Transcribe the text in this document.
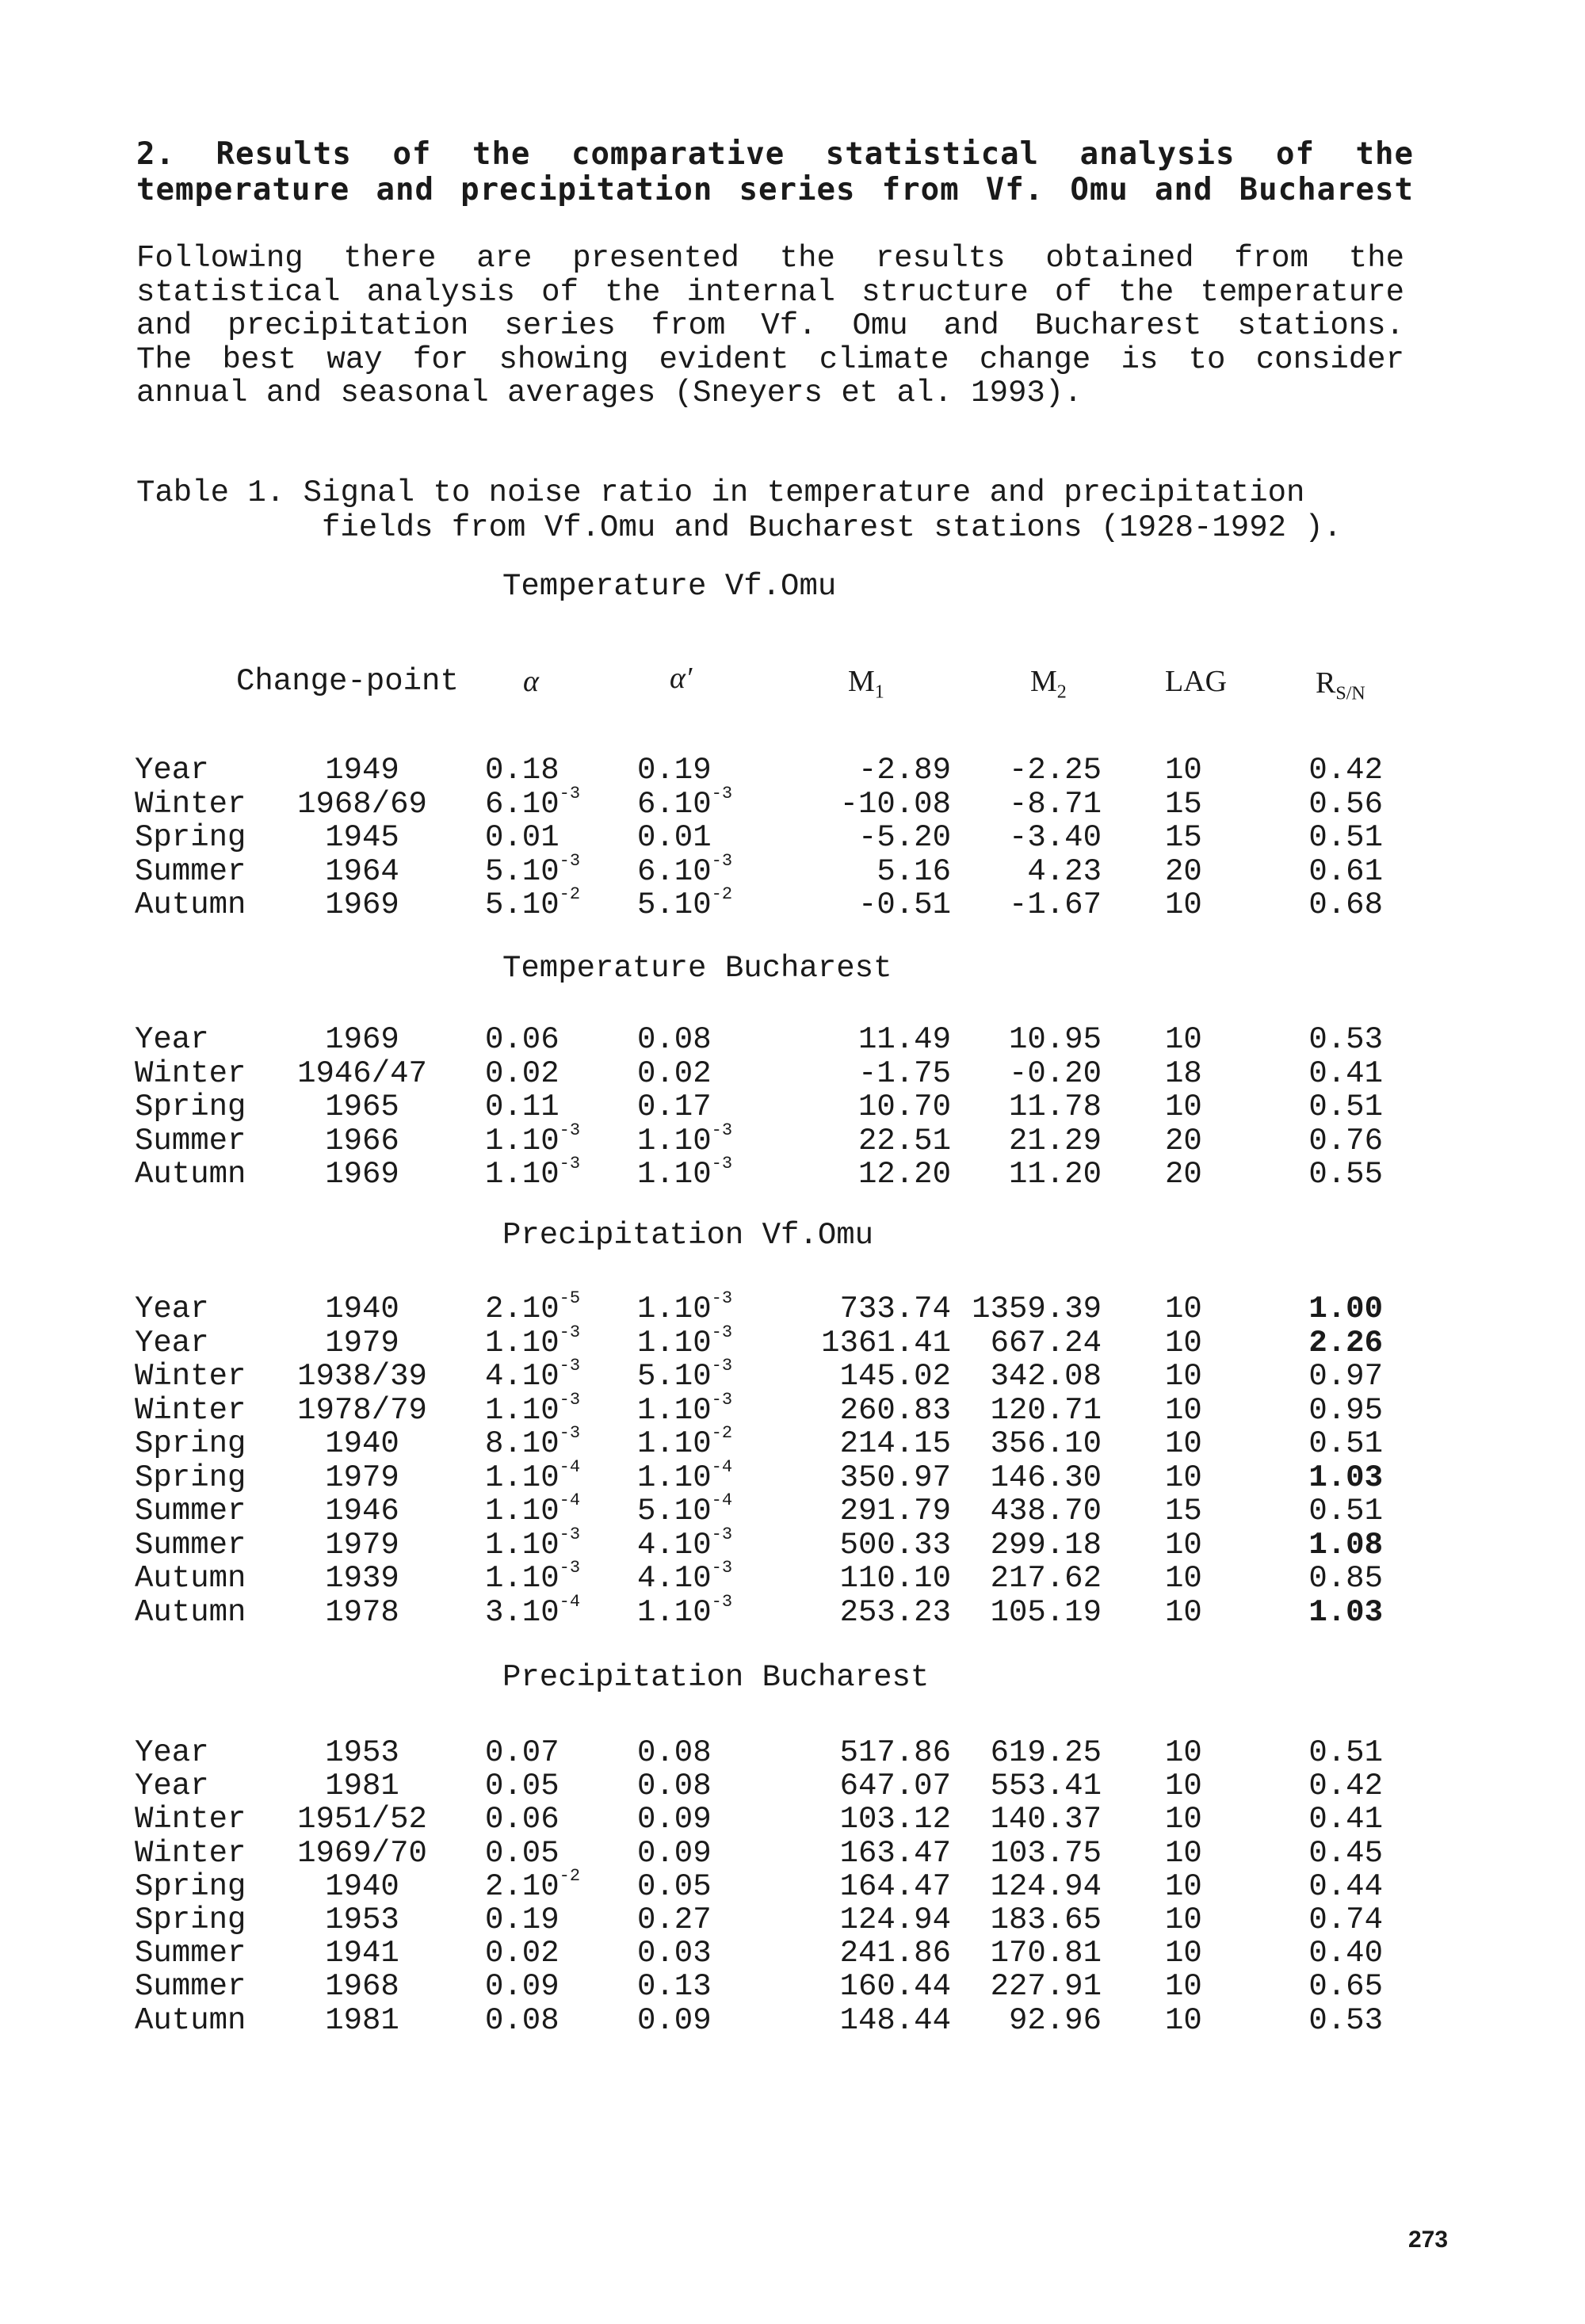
2. Results of the comparative statistical analysis of the
temperature and precipitation series from Vf. Omu and Bucharest
Following there are presented the results obtained from the
statistical analysis of the internal structure of the temperature
and precipitation series from Vf. Omu and Bucharest stations.
The best way for showing evident climate change is to consider
annual and seasonal averages (Sneyers et al. 1993).
Table 1. Signal to noise ratio in temperature and precipitation
fields from Vf.Omu and Bucharest stations (1928-1992 ).
Change-point α	α′	$M_1$	$M_2$	LAG	$R_{S/N}$
Temperature Vf.Omu
Year	1949	0.18	0.19	-2.89	-2.25 10	0.42
Winter	1968/69	$6.10^{-3}$ $6.10^{-3}$	-10.08	-8.71 15	0.56
Spring	1945	0.01	0.01	-5.20	-3.40 15	0.51
Summer	1964	$5.10^{-3}$ $6.10^{-3}$	5.16	4.23 20	0.61
Autumn	1969	$5.10^{-2}$ $5.10^{-2}$	-0.51	-1.67 10	0.68
Temperature Bucharest
Year	1969	0.06	0.08	11.49	10.95 10	0.53
Winter	1946/47	0.02	0.02	-1.75	-0.20 18	0.41
Spring	1965	0.11	0.17	10.70	11.78 10	0.51
Summer	1966	$1.10^{-3}$ $1.10^{-3}$	22.51	21.29 20	0.76
Autumn	1969	$1.10^{-3}$ $1.10^{-3}$	12.20	11.20 20	0.55
Precipitation Vf.Omu
Year	1940	$2.10^{-5}$ $1.10^{-3}$	733.74 1359.39 10	1.00
Year	1979	$1.10^{-3}$ $1.10^{-3}$	1361.41	667.24 10	2.26
Winter	1938/39	$4.10^{-3}$ $5.10^{-3}$	145.02	342.08 10	0.97
Winter	1978/79	$1.10^{-3}$ $1.10^{-3}$	260.83	120.71 10	0.95
Spring	1940	$8.10^{-3}$ $1.10^{-2}$	214.15	356.10 10	0.51
Spring	1979	$1.10^{-4}$ $1.10^{-4}$	350.97	146.30 10	1.03
Summer	1946	$1.10^{-4}$ $5.10^{-4}$	291.79	438.70 15	0.51
Summer	1979	$1.10^{-3}$ $4.10^{-3}$	500.33	299.18 10	1.08
Autumn	1939	$1.10^{-3}$ $4.10^{-3}$	110.10	217.62 10	0.85
Autumn	1978	$3.10^{-4}$ $1.10^{-3}$	253.23	105.19 10	1.03
Precipitation Bucharest
Year	1953	0.07	0.08	517.86	619.25 10	0.51
Year	1981	0.05	0.08	647.07	553.41 10	0.42
Winter	1951/52	0.06	0.09	103.12	140.37 10	0.41
Winter	1969/70	0.05	0.09	163.47	103.75 10	0.45
Spring	1940	$2.10^{-2}$ 0.05	164.47	124.94 10	0.44
Spring	1953	0.19	0.27	124.94	183.65 10	0.74
Summer	1941	0.02	0.03	241.86	170.81 10	0.40
Summer	1968	0.09	0.13	160.44	227.91 10	0.65
Autumn	1981	0.08	0.09	148.44	92.96 10	0.53
273
